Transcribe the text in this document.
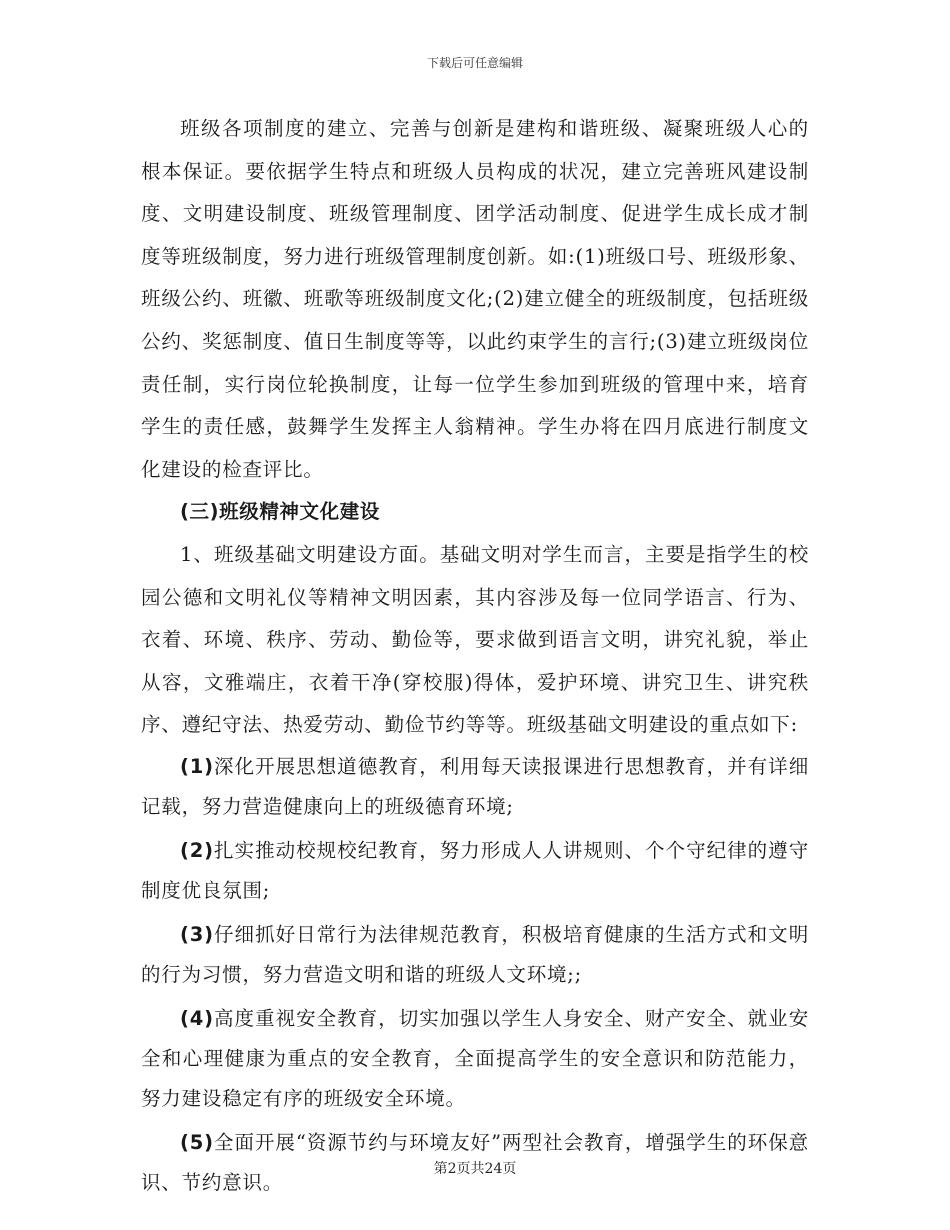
下载后可任意编辑

班级各项制度的建立、完善与创新是建构和谐班级、凝聚班级人心的根本保证。要依据学生特点和班级人员构成的状况，建立完善班风建设制度、文明建设制度、班级管理制度、团学活动制度、促进学生成长成才制度等班级制度，努力进行班级管理制度创新。如:(1)班级口号、班级形象、班级公约、班徽、班歌等班级制度文化;(2)建立健全的班级制度，包括班级公约、奖惩制度、值日生制度等等，以此约束学生的言行;(3)建立班级岗位责任制，实行岗位轮换制度，让每一位学生参加到班级的管理中来，培育学生的责任感，鼓舞学生发挥主人翁精神。学生办将在四月底进行制度文化建设的检查评比。

(三)班级精神文化建设

1、班级基础文明建设方面。基础文明对学生而言，主要是指学生的校园公德和文明礼仪等精神文明因素，其内容涉及每一位同学语言、行为、衣着、环境、秩序、劳动、勤俭等，要求做到语言文明，讲究礼貌，举止从容，文雅端庄，衣着干净(穿校服)得体，爱护环境、讲究卫生、讲究秩序、遵纪守法、热爱劳动、勤俭节约等等。班级基础文明建设的重点如下:

(1)深化开展思想道德教育，利用每天读报课进行思想教育，并有详细记载，努力营造健康向上的班级德育环境;

(2)扎实推动校规校纪教育，努力形成人人讲规则、个个守纪律的遵守制度优良氛围;

(3)仔细抓好日常行为法律规范教育，积极培育健康的生活方式和文明的行为习惯，努力营造文明和谐的班级人文环境;;

(4)高度重视安全教育，切实加强以学生人身安全、财产安全、就业安全和心理健康为重点的安全教育，全面提高学生的安全意识和防范能力，努力建设稳定有序的班级安全环境。

(5)全面开展“资源节约与环境友好”两型社会教育，增强学生的环保意识、节约意识。

第2页共24页
